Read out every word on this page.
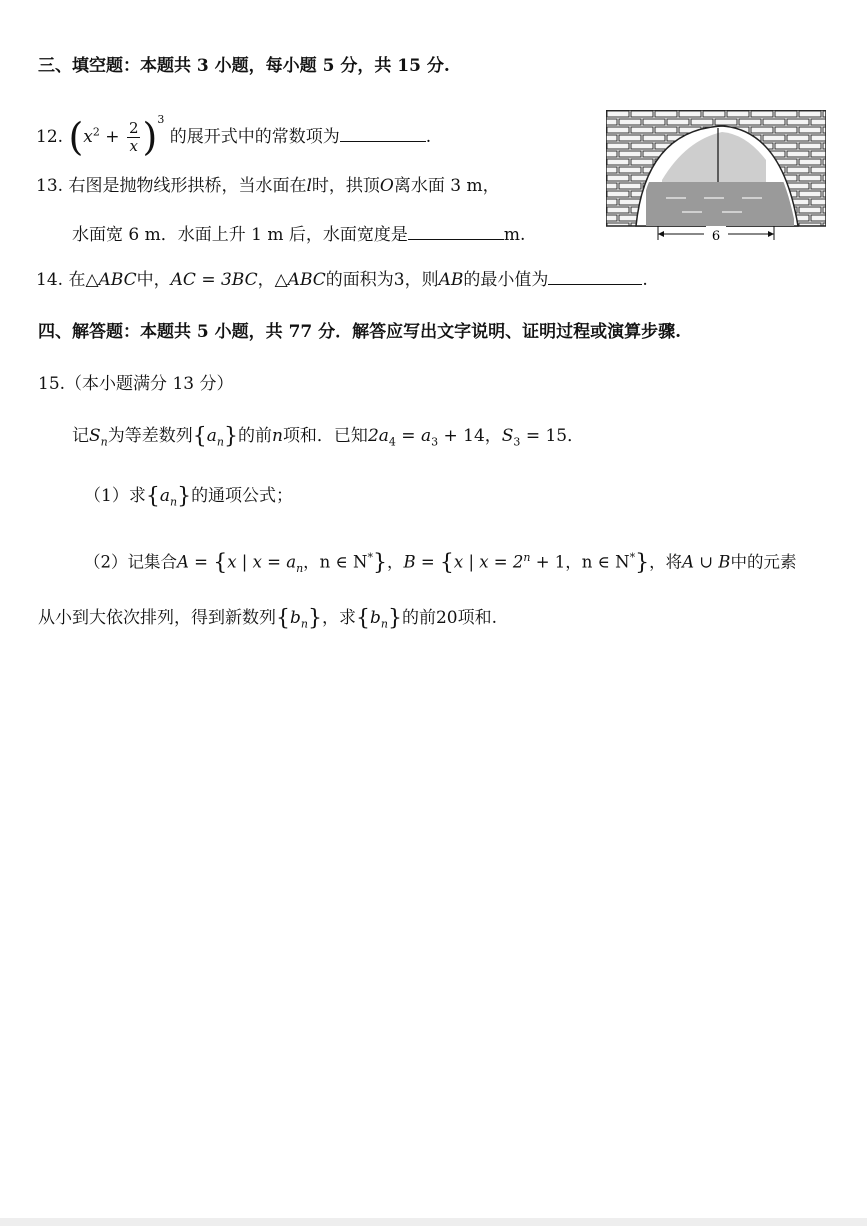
三、填空题：本题共 3 小题，每小题 5 分，共 15 分.
12. $(x^2 + \frac{2}{x} )^3$ 的展开式中的常数项为	.
13. 右图是抛物线形拱桥，当水面在l时，拱顶O离水面 3 m，
水面宽 6 m．水面上升 1 m 后，水面宽度是	m.	6
14. 在△ABC中，AC = 3BC，△ABC的面积为3，则AB的最小值为	.
四、解答题：本题共 5 小题，共 77 分．解答应写出文字说明、证明过程或演算步骤.
15.（本小题满分 13 分）
记$S_n$为等差数列$\{a_n\}$的前n项和．已知$2a_4 = a_3 + 14$，$S_3 = 15$．
（1）求$\{a_n\}$的通项公式；
（2）记集合A = {x | $x = a_n$，n ∈ N*}，B = {x | $x = 2^n + 1$，n ∈ N*}，将A ∪ B中的元素
从小到大依次排列，得到新数列$\{b_n\}$，求$\{b_n\}$的前20项和.
